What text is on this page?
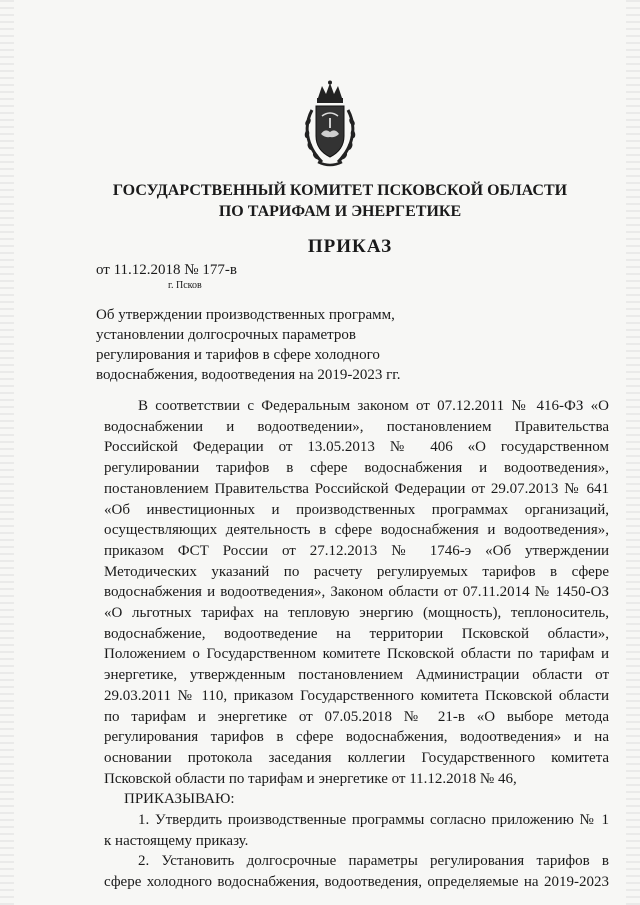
ГОСУДАРСТВЕННЫЙ КОМИТЕТ ПСКОВСКОЙ ОБЛАСТИ
ПО ТАРИФАМ И ЭНЕРГЕТИКЕ
ПРИКАЗ
от 11.12.2018 № 177-в
г. Псков
Об утверждении производственных программ,
установлении долгосрочных параметров
регулирования и тарифов в сфере холодного
водоснабжения, водоотведения на 2019-2023 гг.
В соответствии с Федеральным законом от 07.12.2011 № 416-ФЗ «О
водоснабжении и водоотведении», постановлением Правительства
Российской Федерации от 13.05.2013 № 406 «О государственном
регулировании тарифов в сфере водоснабжения и водоотведения»,
постановлением Правительства Российской Федерации от 29.07.2013 № 641
«Об инвестиционных и производственных программах организаций,
осуществляющих деятельность в сфере водоснабжения и водоотведения»,
приказом ФСТ России от 27.12.2013 № 1746-э «Об утверждении
Методических указаний по расчету регулируемых тарифов в сфере
водоснабжения и водоотведения», Законом области от 07.11.2014 № 1450-ОЗ
«О льготных тарифах на тепловую энергию (мощность), теплоноситель,
водоснабжение, водоотведение на территории Псковской области»,
Положением о Государственном комитете Псковской области по тарифам и
энергетике, утвержденным постановлением Администрации области от
29.03.2011 № 110, приказом Государственного комитета Псковской области
по тарифам и энергетике от 07.05.2018 № 21-в «О выборе метода
регулирования тарифов в сфере водоснабжения, водоотведения» и на
основании протокола заседания коллегии Государственного комитета
Псковской области по тарифам и энергетике от 11.12.2018 № 46,
ПРИКАЗЫВАЮ:
1. Утвердить производственные программы согласно приложению № 1
к настоящему приказу.
2. Установить долгосрочные параметры регулирования тарифов в
сфере холодного водоснабжения, водоотведения, определяемые на 2019-2023
